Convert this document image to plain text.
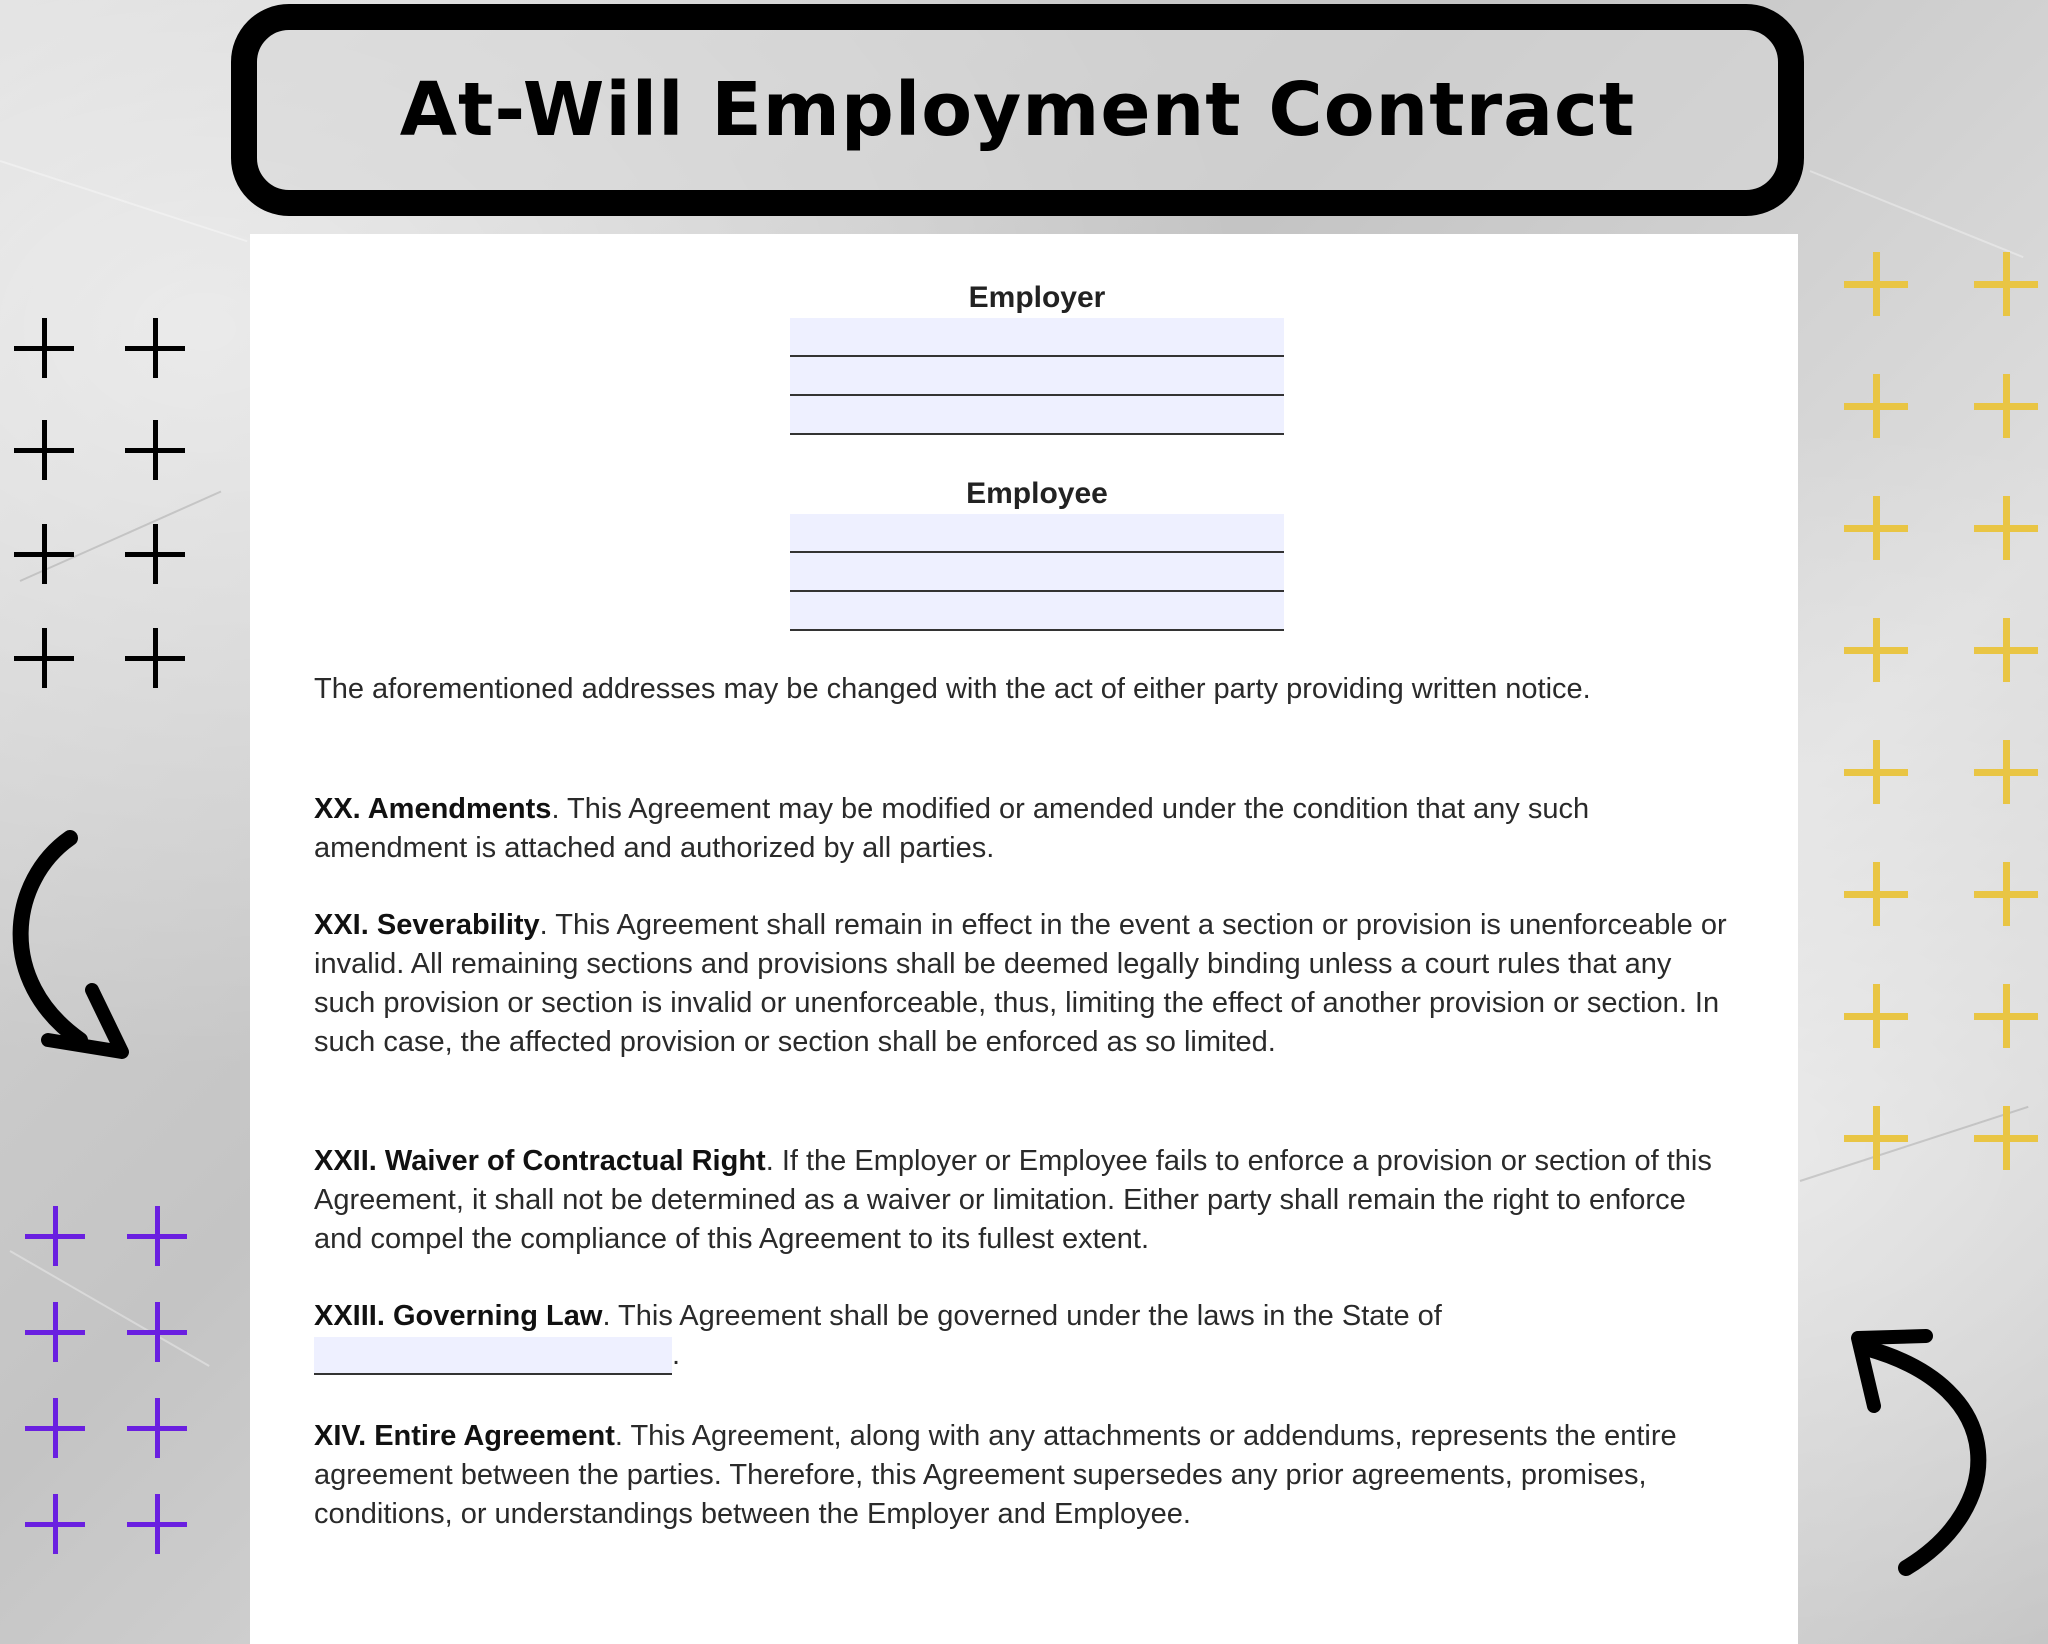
At-Will Employment Contract
Employer
Employee

The aforementioned addresses may be changed with the act of either party providing written notice.

XX. Amendments. This Agreement may be modified or amended under the condition that any such amendment is attached and authorized by all parties.

XXI. Severability. This Agreement shall remain in effect in the event a section or provision is unenforceable or invalid. All remaining sections and provisions shall be deemed legally binding unless a court rules that any such provision or section is invalid or unenforceable, thus, limiting the effect of another provision or section. In such case, the affected provision or section shall be enforced as so limited.

XXII. Waiver of Contractual Right. If the Employer or Employee fails to enforce a provision or section of this Agreement, it shall not be determined as a waiver or limitation. Either party shall remain the right to enforce and compel the compliance of this Agreement to its fullest extent.

XXIII. Governing Law. This Agreement shall be governed under the laws in the State of
.

XIV. Entire Agreement. This Agreement, along with any attachments or addendums, represents the entire agreement between the parties. Therefore, this Agreement supersedes any prior agreements, promises, conditions, or understandings between the Employer and Employee.
